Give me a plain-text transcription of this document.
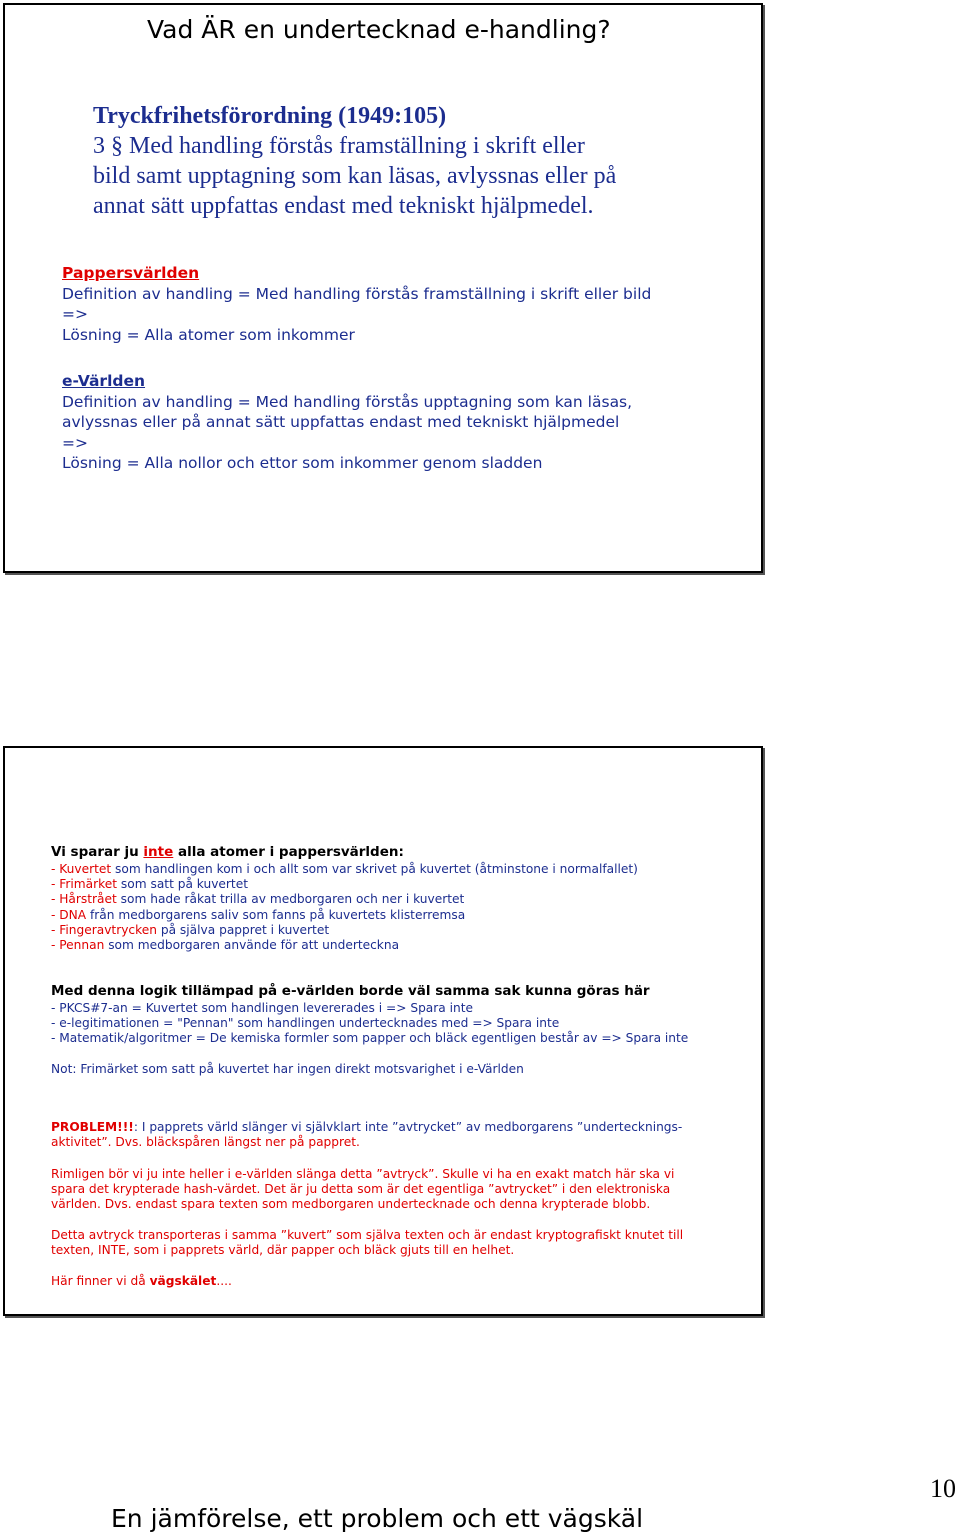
Vad ÄR en undertecknad e-handling?
Tryckfrihetsförordning (1949:105)
3 § Med handling förstås framställning i skrift eller
bild samt upptagning som kan läsas, avlyssnas eller på
annat sätt uppfattas endast med tekniskt hjälpmedel.
Pappersvärlden
Definition av handling = Med handling förstås framställning i skrift eller bild
=>
Lösning = Alla atomer som inkommer
e-Världen
Definition av handling = Med handling förstås upptagning som kan läsas,
avlyssnas eller på annat sätt uppfattas endast med tekniskt hjälpmedel
=>
Lösning = Alla nollor och ettor som inkommer genom sladden
En jämförelse, ett problem och ett vägskäl
Vi sparar ju inte alla atomer i pappersvärlden:
- Kuvertet som handlingen kom i och allt som var skrivet på kuvertet (åtminstone i normalfallet)
- Frimärket som satt på kuvertet
- Hårstrået som hade råkat trilla av medborgaren och ner i kuvertet
- DNA från medborgarens saliv som fanns på kuvertets klisterremsa
- Fingeravtrycken på själva pappret i kuvertet
- Pennan som medborgaren använde för att underteckna
Med denna logik tillämpad på e-världen borde väl samma sak kunna göras här
- PKCS#7-an = Kuvertet som handlingen levererades i => Spara inte
- e-legitimationen = "Pennan" som handlingen undertecknades med => Spara inte
- Matematik/algoritmer = De kemiska formler som papper och bläck egentligen består av => Spara inte
Not: Frimärket som satt på kuvertet har ingen direkt motsvarighet i e-Världen
PROBLEM!!!: I papprets värld slänger vi självklart inte ”avtrycket” av medborgarens ”undertecknings-
aktivitet”. Dvs. bläckspåren längst ner på pappret.
Rimligen bör vi ju inte heller i e-världen slänga detta ”avtryck”. Skulle vi ha en exakt match här ska vi
spara det krypterade hash-värdet. Det är ju detta som är det egentliga ”avtrycket” i den elektroniska
världen. Dvs. endast spara texten som medborgaren undertecknade och denna krypterade blobb.
Detta avtryck transporteras i samma ”kuvert” som själva texten och är endast kryptografiskt knutet till
texten, INTE, som i papprets värld, där papper och bläck gjuts till en helhet.
Här finner vi då vägskälet....
10
